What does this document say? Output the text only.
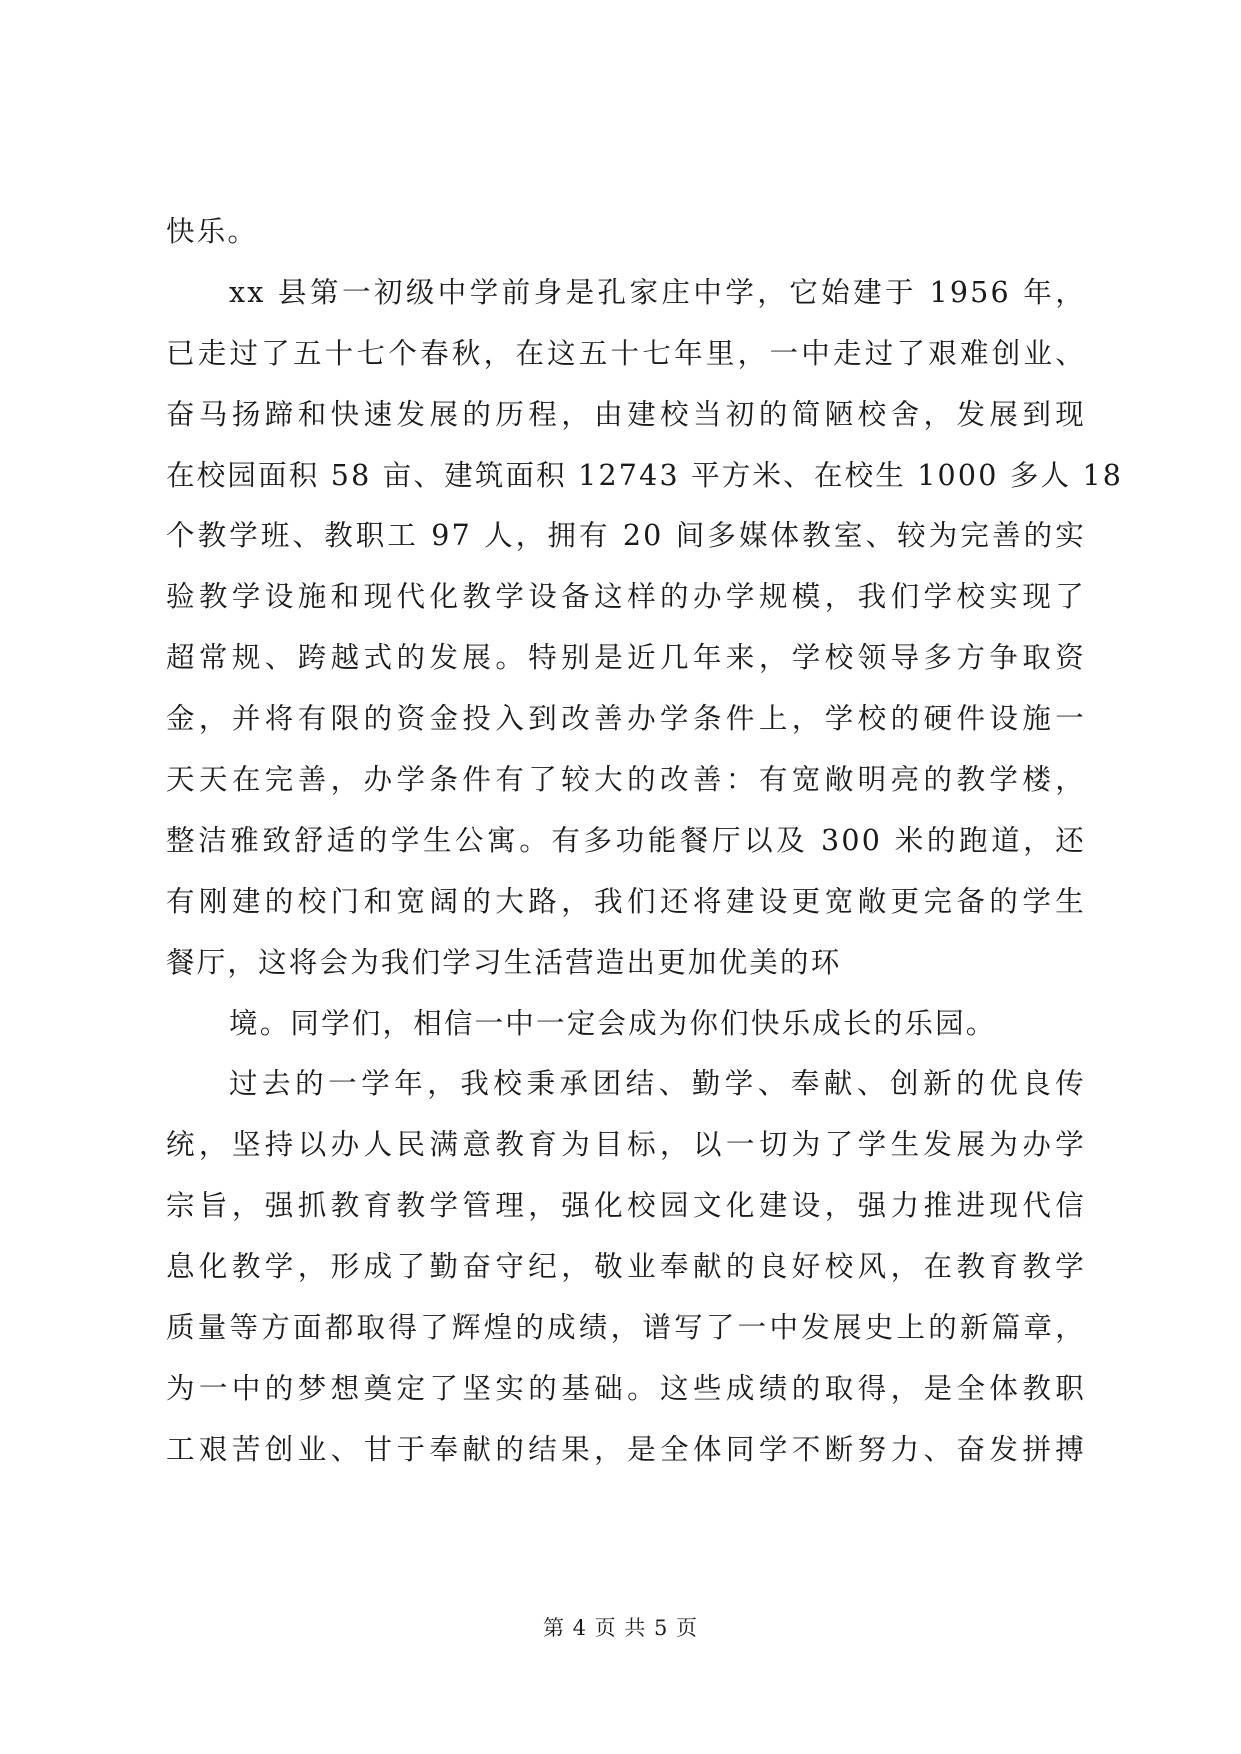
快乐。
xx 县第一初级中学前身是孔家庄中学，它始建于 1956 年，
已走过了五十七个春秋，在这五十七年里，一中走过了艰难创业、
奋马扬蹄和快速发展的历程，由建校当初的简陋校舍，发展到现
在校园面积 58 亩、建筑面积 12743 平方米、在校生 1000 多人 18
个教学班、教职工 97 人，拥有 20 间多媒体教室、较为完善的实
验教学设施和现代化教学设备这样的办学规模，我们学校实现了
超常规、跨越式的发展。特别是近几年来，学校领导多方争取资
金，并将有限的资金投入到改善办学条件上，学校的硬件设施一
天天在完善，办学条件有了较大的改善：有宽敞明亮的教学楼，
整洁雅致舒适的学生公寓。有多功能餐厅以及 300 米的跑道，还
有刚建的校门和宽阔的大路，我们还将建设更宽敞更完备的学生
餐厅，这将会为我们学习生活营造出更加优美的环
境。同学们，相信一中一定会成为你们快乐成长的乐园。
过去的一学年，我校秉承团结、勤学、奉献、创新的优良传
统，坚持以办人民满意教育为目标，以一切为了学生发展为办学
宗旨，强抓教育教学管理，强化校园文化建设，强力推进现代信
息化教学，形成了勤奋守纪，敬业奉献的良好校风，在教育教学
质量等方面都取得了辉煌的成绩，谱写了一中发展史上的新篇章，
为一中的梦想奠定了坚实的基础。这些成绩的取得，是全体教职
工艰苦创业、甘于奉献的结果，是全体同学不断努力、奋发拼搏
第 4 页 共 5 页
